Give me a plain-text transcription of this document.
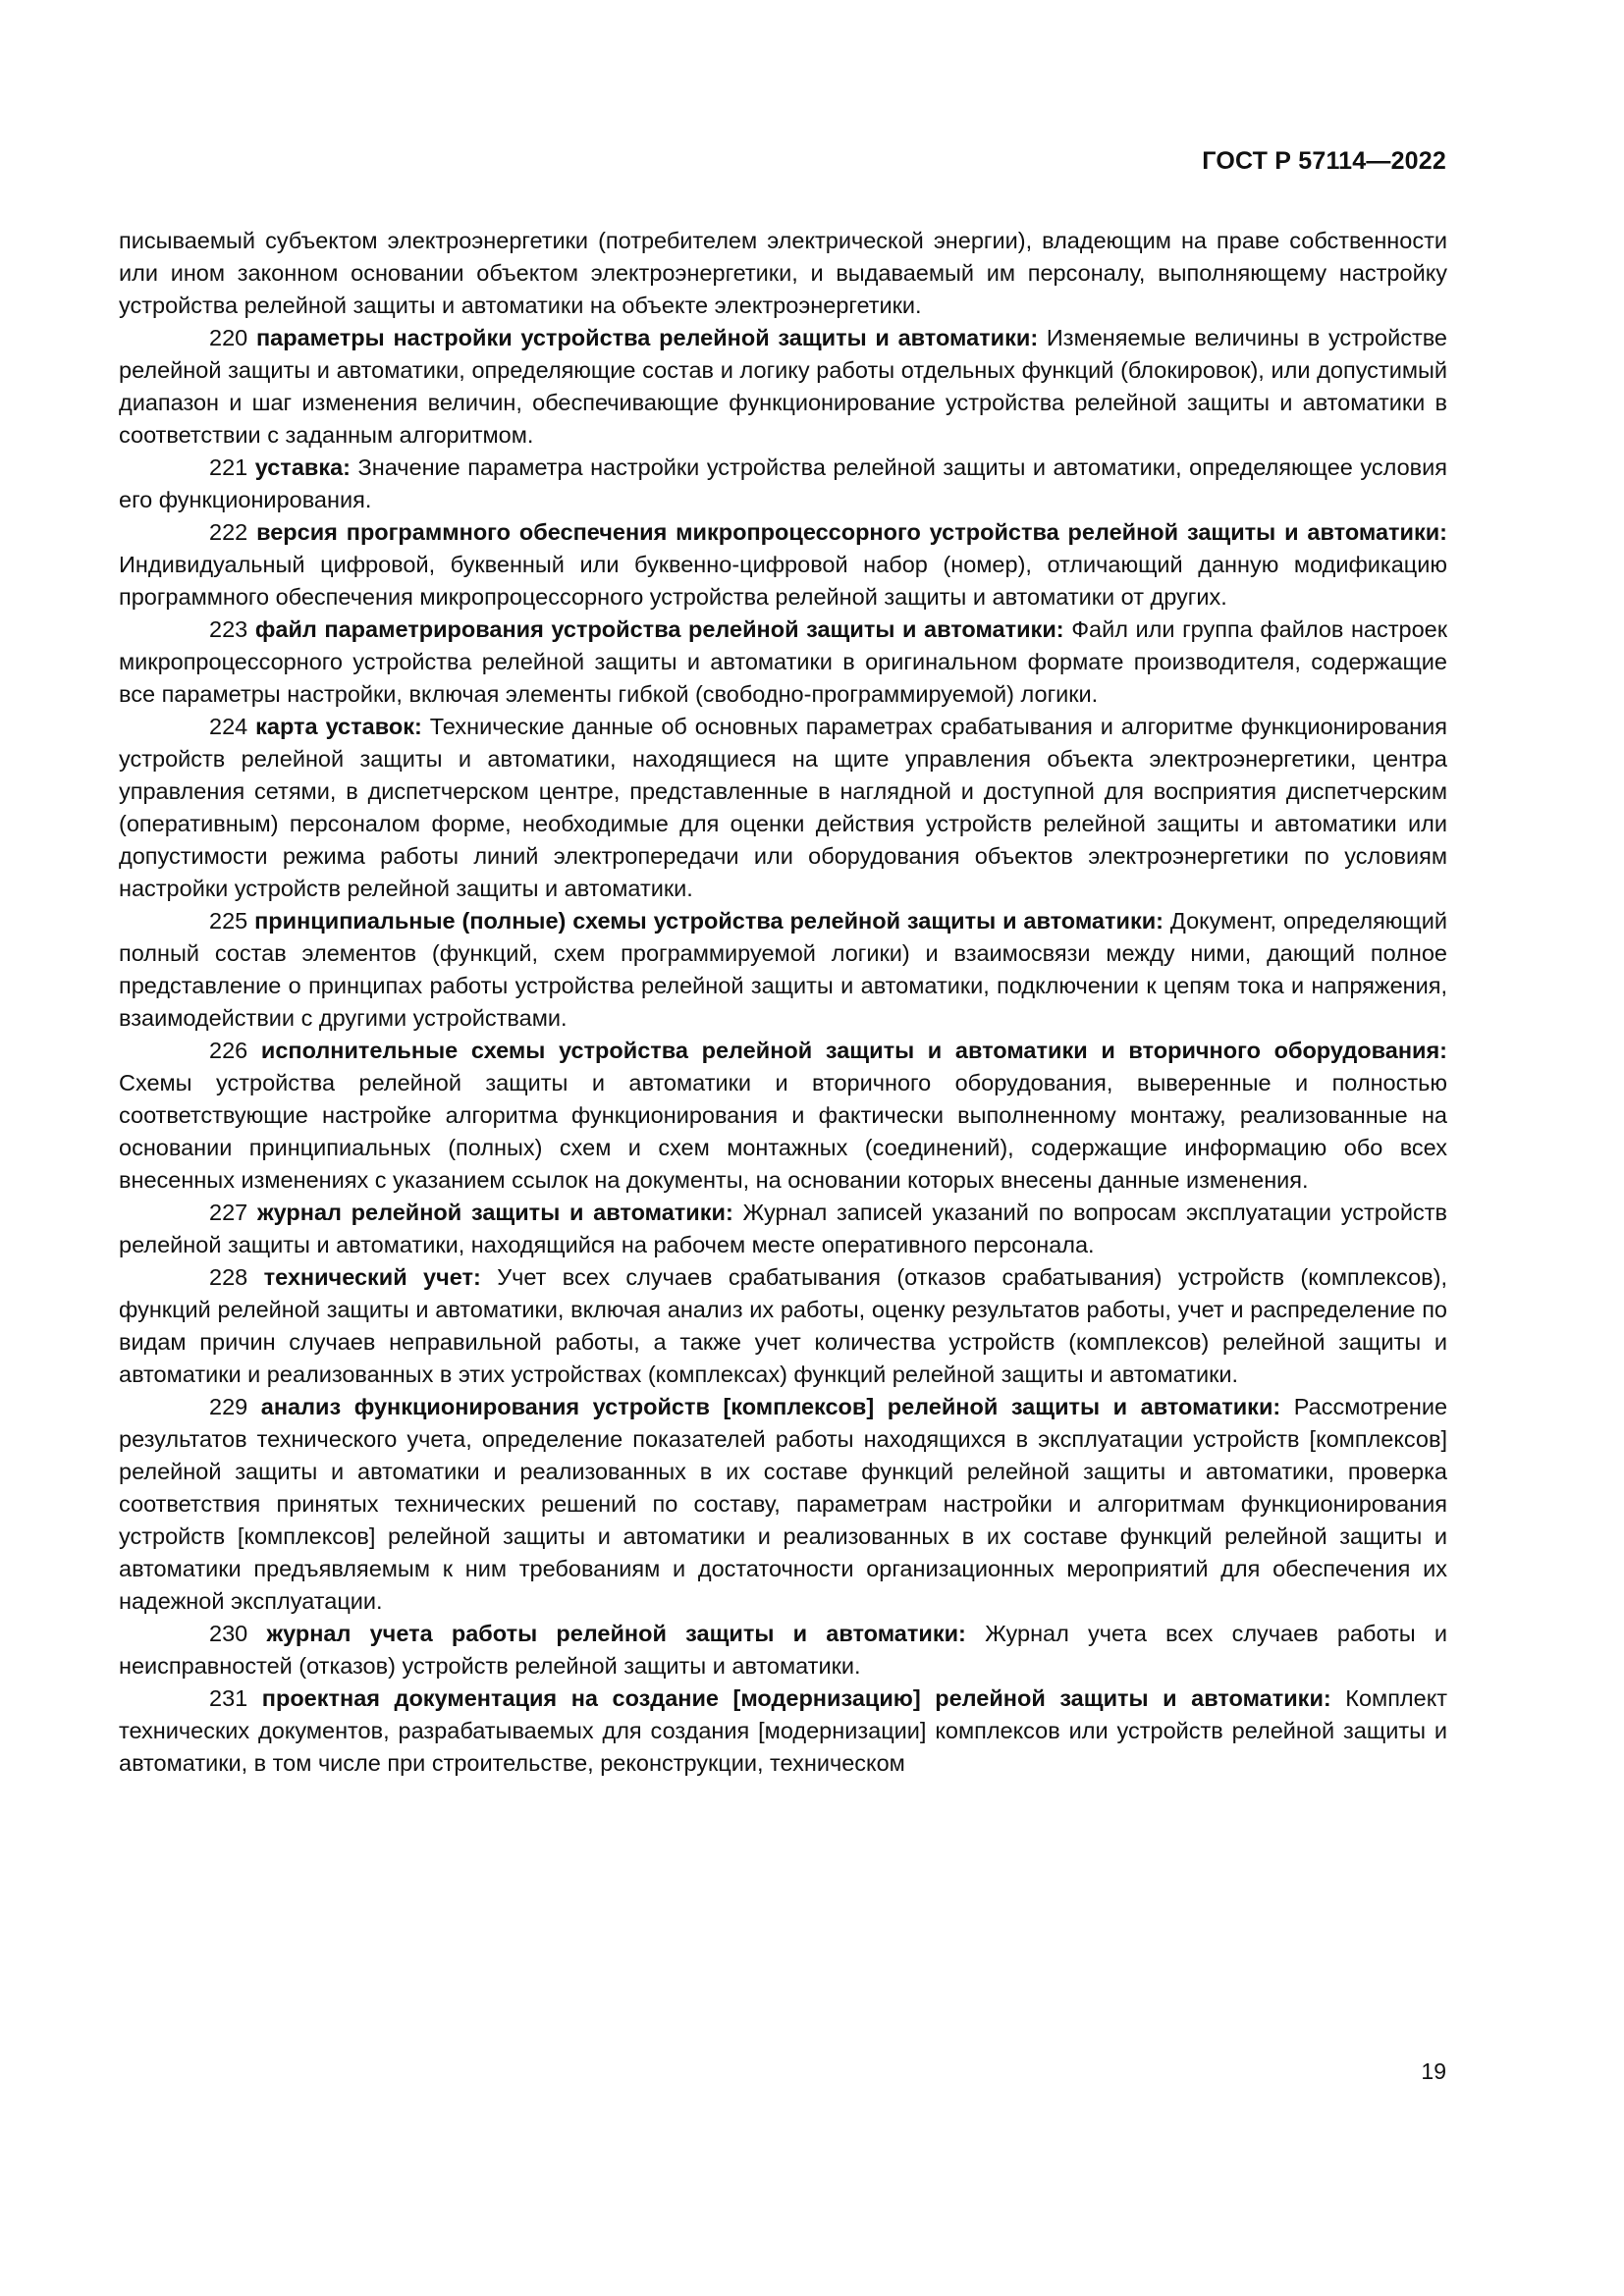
ГОСТ Р 57114—2022

писываемый субъектом электроэнергетики (потребителем электрической энергии), владеющим на праве собственности или ином законном основании объектом электроэнергетики, и выдаваемый им персоналу, выполняющему настройку устройства релейной защиты и автоматики на объекте электроэнергетики.

220 параметры настройки устройства релейной защиты и автоматики: Изменяемые величины в устройстве релейной защиты и автоматики, определяющие состав и логику работы отдельных функций (блокировок), или допустимый диапазон и шаг изменения величин, обеспечивающие функционирование устройства релейной защиты и автоматики в соответствии с заданным алгоритмом.

221 уставка: Значение параметра настройки устройства релейной защиты и автоматики, определяющее условия его функционирования.

222 версия программного обеспечения микропроцессорного устройства релейной защиты и автоматики: Индивидуальный цифровой, буквенный или буквенно-цифровой набор (номер), отличающий данную модификацию программного обеспечения микропроцессорного устройства релейной защиты и автоматики от других.

223 файл параметрирования устройства релейной защиты и автоматики: Файл или группа файлов настроек микропроцессорного устройства релейной защиты и автоматики в оригинальном формате производителя, содержащие все параметры настройки, включая элементы гибкой (свободно-программируемой) логики.

224 карта уставок: Технические данные об основных параметрах срабатывания и алгоритме функционирования устройств релейной защиты и автоматики, находящиеся на щите управления объекта электроэнергетики, центра управления сетями, в диспетчерском центре, представленные в наглядной и доступной для восприятия диспетчерским (оперативным) персоналом форме, необходимые для оценки действия устройств релейной защиты и автоматики или допустимости режима работы линий электропередачи или оборудования объектов электроэнергетики по условиям настройки устройств релейной защиты и автоматики.

225 принципиальные (полные) схемы устройства релейной защиты и автоматики: Документ, определяющий полный состав элементов (функций, схем программируемой логики) и взаимосвязи между ними, дающий полное представление о принципах работы устройства релейной защиты и автоматики, подключении к цепям тока и напряжения, взаимодействии с другими устройствами.

226 исполнительные схемы устройства релейной защиты и автоматики и вторичного оборудования: Схемы устройства релейной защиты и автоматики и вторичного оборудования, выверенные и полностью соответствующие настройке алгоритма функционирования и фактически выполненному монтажу, реализованные на основании принципиальных (полных) схем и схем монтажных (соединений), содержащие информацию обо всех внесенных изменениях с указанием ссылок на документы, на основании которых внесены данные изменения.

227 журнал релейной защиты и автоматики: Журнал записей указаний по вопросам эксплуатации устройств релейной защиты и автоматики, находящийся на рабочем месте оперативного персонала.

228 технический учет: Учет всех случаев срабатывания (отказов срабатывания) устройств (комплексов), функций релейной защиты и автоматики, включая анализ их работы, оценку результатов работы, учет и распределение по видам причин случаев неправильной работы, а также учет количества устройств (комплексов) релейной защиты и автоматики и реализованных в этих устройствах (комплексах) функций релейной защиты и автоматики.

229 анализ функционирования устройств [комплексов] релейной защиты и автоматики: Рассмотрение результатов технического учета, определение показателей работы находящихся в эксплуатации устройств [комплексов] релейной защиты и автоматики и реализованных в их составе функций релейной защиты и автоматики, проверка соответствия принятых технических решений по составу, параметрам настройки и алгоритмам функционирования устройств [комплексов] релейной защиты и автоматики и реализованных в их составе функций релейной защиты и автоматики предъявляемым к ним требованиям и достаточности организационных мероприятий для обеспечения их надежной эксплуатации.

230 журнал учета работы релейной защиты и автоматики: Журнал учета всех случаев работы и неисправностей (отказов) устройств релейной защиты и автоматики.

231 проектная документация на создание [модернизацию] релейной защиты и автоматики: Комплект технических документов, разрабатываемых для создания [модернизации] комплексов или устройств релейной защиты и автоматики, в том числе при строительстве, реконструкции, техническом

19
